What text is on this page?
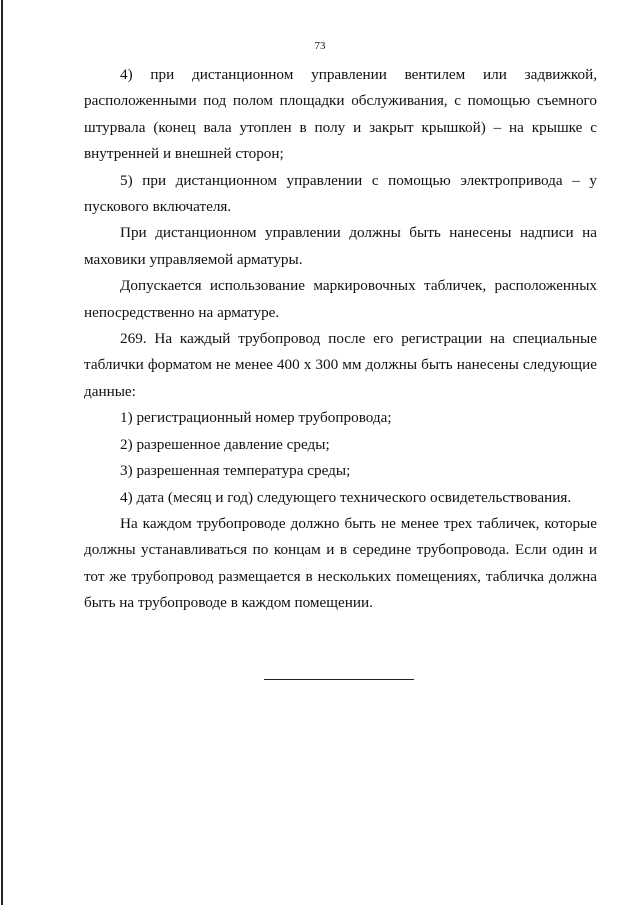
73

4) при дистанционном управлении вентилем или задвижкой, расположенными под полом площадки обслуживания, с помощью съемного штурвала (конец вала утоплен в полу и закрыт крышкой) – на крышке с внутренней и внешней сторон;

5) при дистанционном управлении с помощью электропривода – у пускового включателя.

При дистанционном управлении должны быть нанесены надписи на маховики управляемой арматуры.

Допускается использование маркировочных табличек, расположенных непосредственно на арматуре.

269. На каждый трубопровод после его регистрации на специальные таблички форматом не менее 400 х 300 мм должны быть нанесены следующие данные:

1) регистрационный номер трубопровода;

2) разрешенное давление среды;

3) разрешенная температура среды;

4) дата (месяц и год) следующего технического освидетельствования.

На каждом трубопроводе должно быть не менее трех табличек, которые должны устанавливаться по концам и в середине трубопровода. Если один и тот же трубопровод размещается в нескольких помещениях, табличка должна быть на трубопроводе в каждом помещении.
